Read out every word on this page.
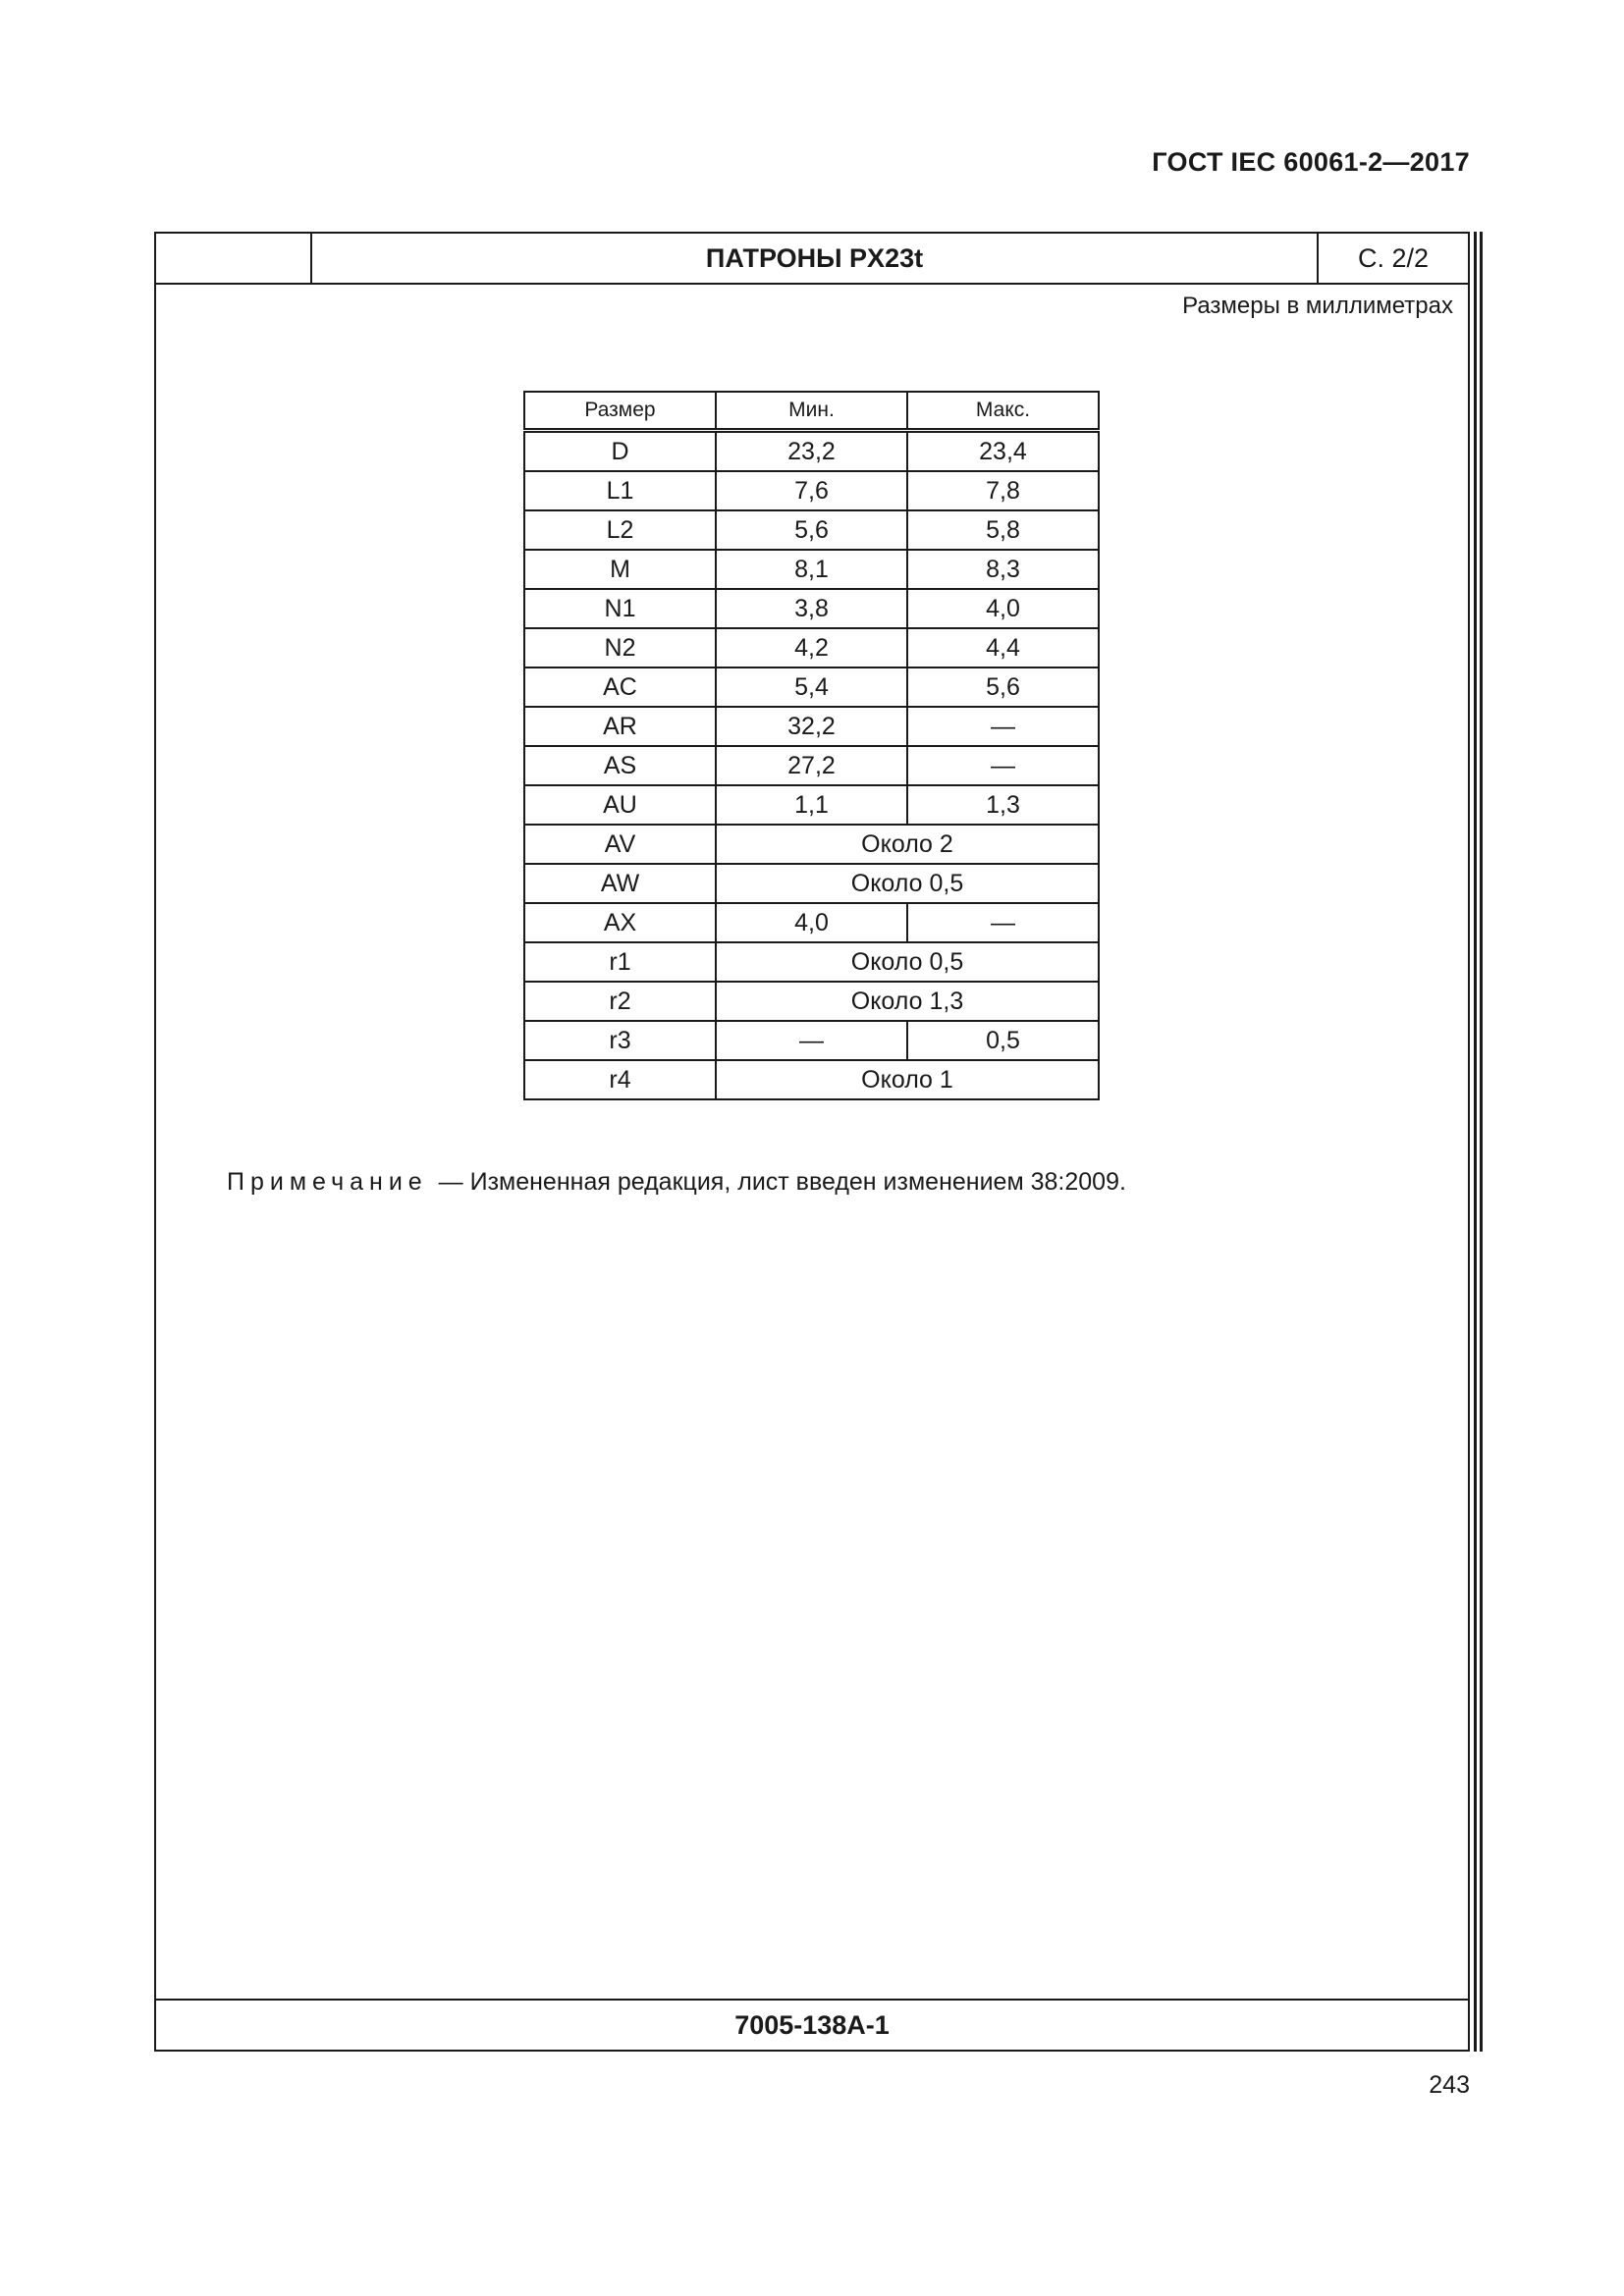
ГОСТ IEC 60061-2—2017
ПАТРОНЫ PX23t	С. 2/2
Размеры в миллиметрах
Размер	Мин.	Макс.
D	23,2	23,4
L1	7,6	7,8
L2	5,6	5,8
M	8,1	8,3
N1	3,8	4,0
N2	4,2	4,4
AC	5,4	5,6
AR	32,2	—
AS	27,2	—
AU	1,1	1,3
AV	Около 2	
AW	Около 0,5	
AX	4,0	—
r1	Около 0,5	
r2	Около 1,3	
r3	—	0,5
r4	Около 1	
Примечание — Измененная редакция, лист введен изменением 38:2009.
7005-138A-1
243
